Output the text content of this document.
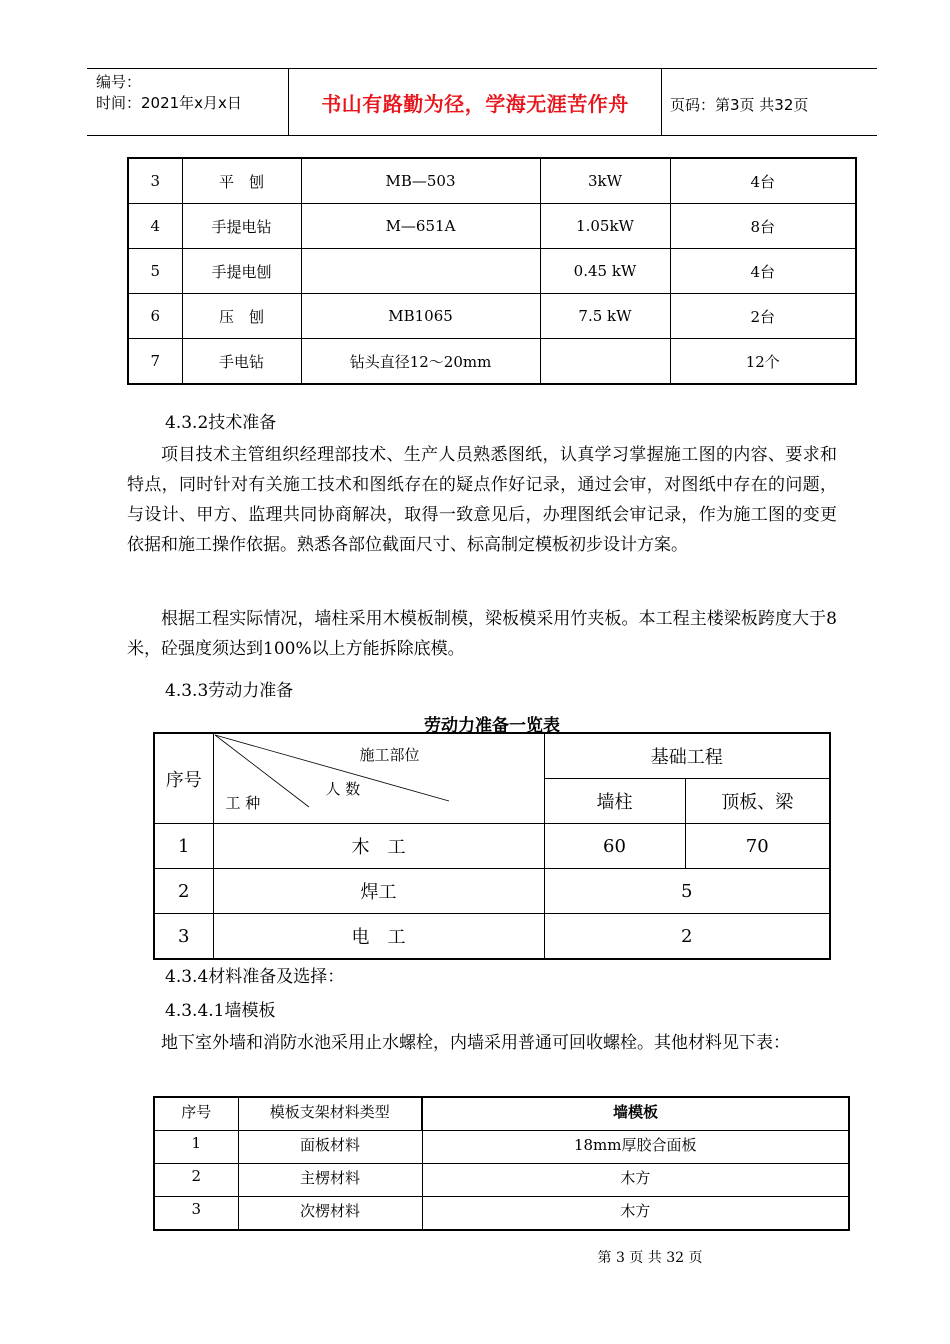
编号：
时间：2021年x月x日	书山有路勤为径，学海无涯苦作舟	页码：第3页 共32页
3	平　刨	MB—503	3kW	4台
4	手提电钻	M—651A	1.05kW	8台
5	手提电刨		0.45 kW	4台
6	压　刨	MB1065	7.5 kW	2台
7	手电钻	钻头直径12～20mm		12个
4.3.2技术准备

项目技术主管组织经理部技术、生产人员熟悉图纸，认真学习掌握施工图的内容、要求和特点，同时针对有关施工技术和图纸存在的疑点作好记录，通过会审，对图纸中存在的问题，与设计、甲方、监理共同协商解决，取得一致意见后，办理图纸会审记录，作为施工图的变更依据和施工操作依据。熟悉各部位截面尺寸、标高制定模板初步设计方案。

根据工程实际情况，墙柱采用木模板制模，梁板模采用竹夹板。本工程主楼梁板跨度大于8米，砼强度须达到100%以上方能拆除底模。

4.3.3劳动力准备
劳动力准备一览表
序号	施工部位
人 数
工 种	基础工程	
		墙柱	顶板、梁
1	木　工	60	70
2	焊工	5	
3	电　工	2	
4.3.4材料准备及选择：
4.3.4.1墙模板

地下室外墙和消防水池采用止水螺栓，内墙采用普通可回收螺栓。其他材料见下表：

序号	模板支架材料类型	墙模板
1	面板材料	18mm厚胶合面板
2	主楞材料	木方
3	次楞材料	木方
第 3 页 共 32 页
